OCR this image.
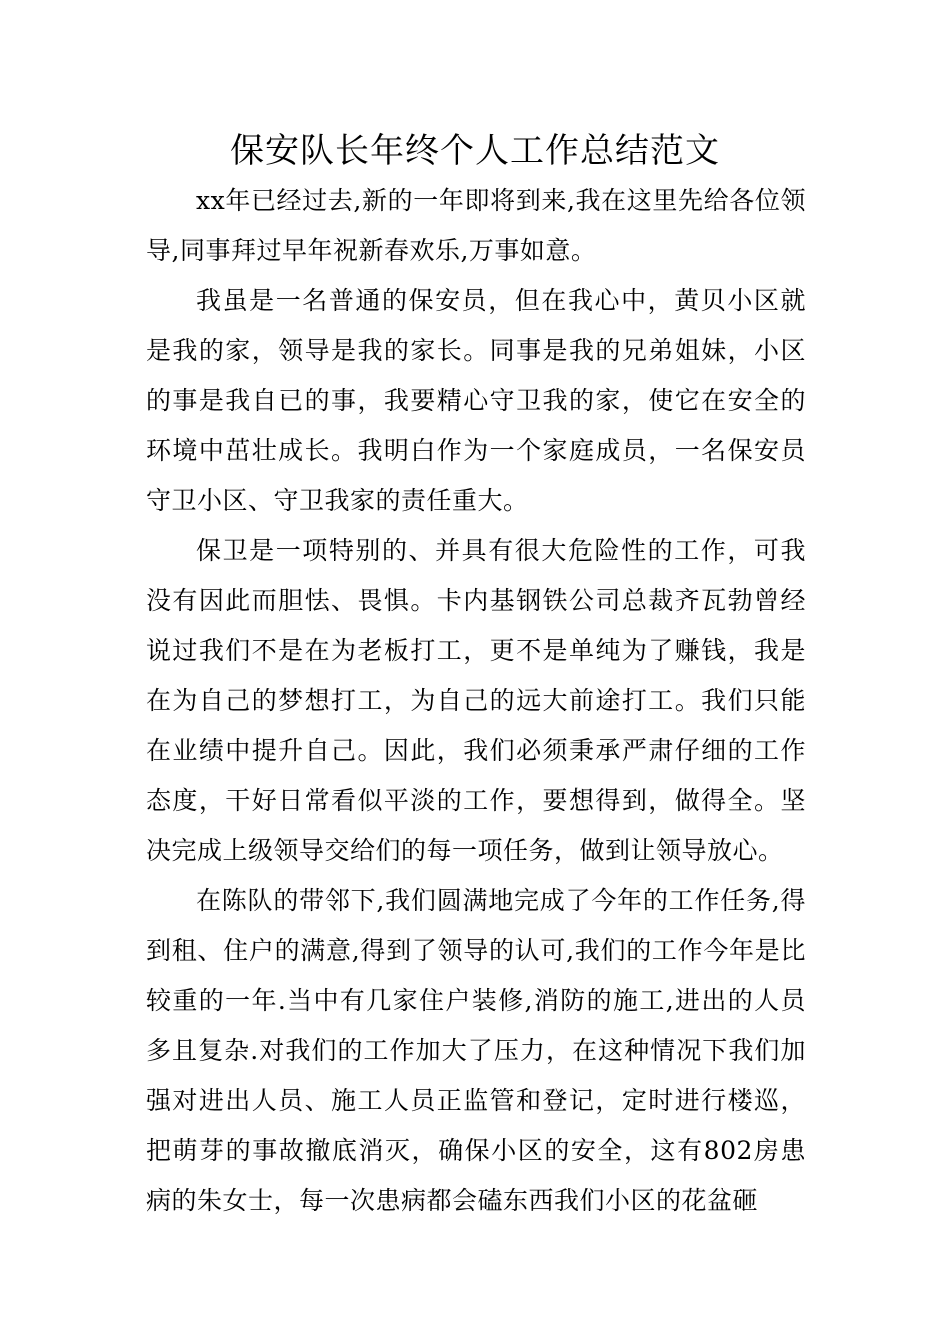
保安队长年终个人工作总结范文

xx年已经过去,新的一年即将到来,我在这里先给各位领导,同事拜过早年祝新春欢乐,万事如意。

我虽是一名普通的保安员，但在我心中，黄贝小区就是我的家，领导是我的家长。同事是我的兄弟姐妹，小区的事是我自已的事，我要精心守卫我的家，使它在安全的环境中茁壮成长。我明白作为一个家庭成员，一名保安员守卫小区、守卫我家的责任重大。

保卫是一项特别的、并具有很大危险性的工作，可我没有因此而胆怯、畏惧。卡内基钢铁公司总裁齐瓦勃曾经说过我们不是在为老板打工，更不是单纯为了赚钱，我是在为自己的梦想打工，为自己的远大前途打工。我们只能在业绩中提升自己。因此，我们必须秉承严肃仔细的工作态度，干好日常看似平淡的工作，要想得到，做得全。坚决完成上级领导交给们的每一项任务，做到让领导放心。

在陈队的带邻下,我们圆满地完成了今年的工作任务,得到租、住户的满意,得到了领导的认可,我们的工作今年是比较重的一年.当中有几家住户装修,消防的施工,进出的人员多且复杂.对我们的工作加大了压力，在这种情况下我们加强对进出人员、施工人员正监管和登记，定时进行楼巡，把萌芽的事故撤底消灭，确保小区的安全，这有802房患病的朱女士，每一次患病都会磕东西我们小区的花盆砸
